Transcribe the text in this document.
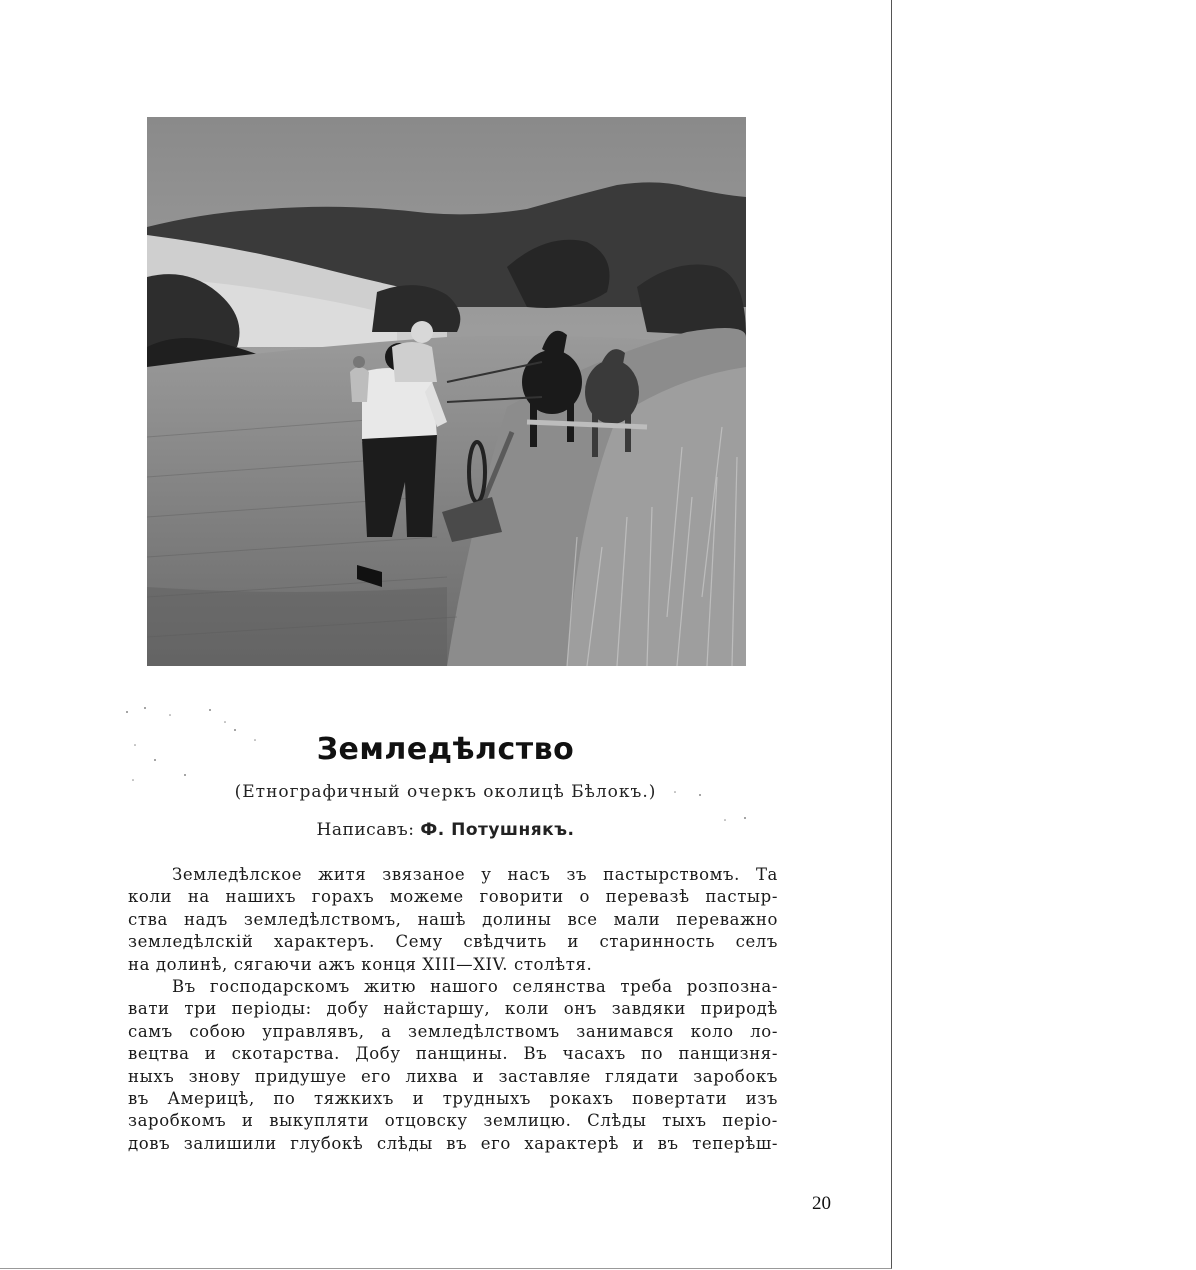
Земледѣлство
(Етнографичный очеркъ околицѣ Бѣлокъ.)
Написавъ: Ф. Потушнякъ.
Земледѣлское житя звязаное у насъ зъ пастырствомъ. Та
коли на нашихъ горахъ можеме говорити о перевазѣ пастыр-
ства надъ земледѣлствомъ, нашѣ долины все мали переважно
земледѣлскій характеръ. Сему свѣдчить и старинность селъ
на долинѣ, сягаючи ажъ конця XIII—XIV. столѣтя.
Въ господарскомъ житю нашого селянства треба розпозна-
вати три періоды: добу найстаршу, коли онъ завдяки природѣ
самъ собою управлявъ, а земледѣлствомъ занимався коло ло-
вецтва и скотарства. Добу панщины. Въ часахъ по панщизня-
ныхъ знову придушуе его лихва и заставляе глядати заробокъ
въ Америцѣ, по тяжкихъ и трудныхъ рокахъ повертати изъ
заробкомъ и выкупляти отцовску землицю. Слѣды тыхъ періо-
довъ залишили глубокѣ слѣды въ его характерѣ и въ теперѣш-
20
